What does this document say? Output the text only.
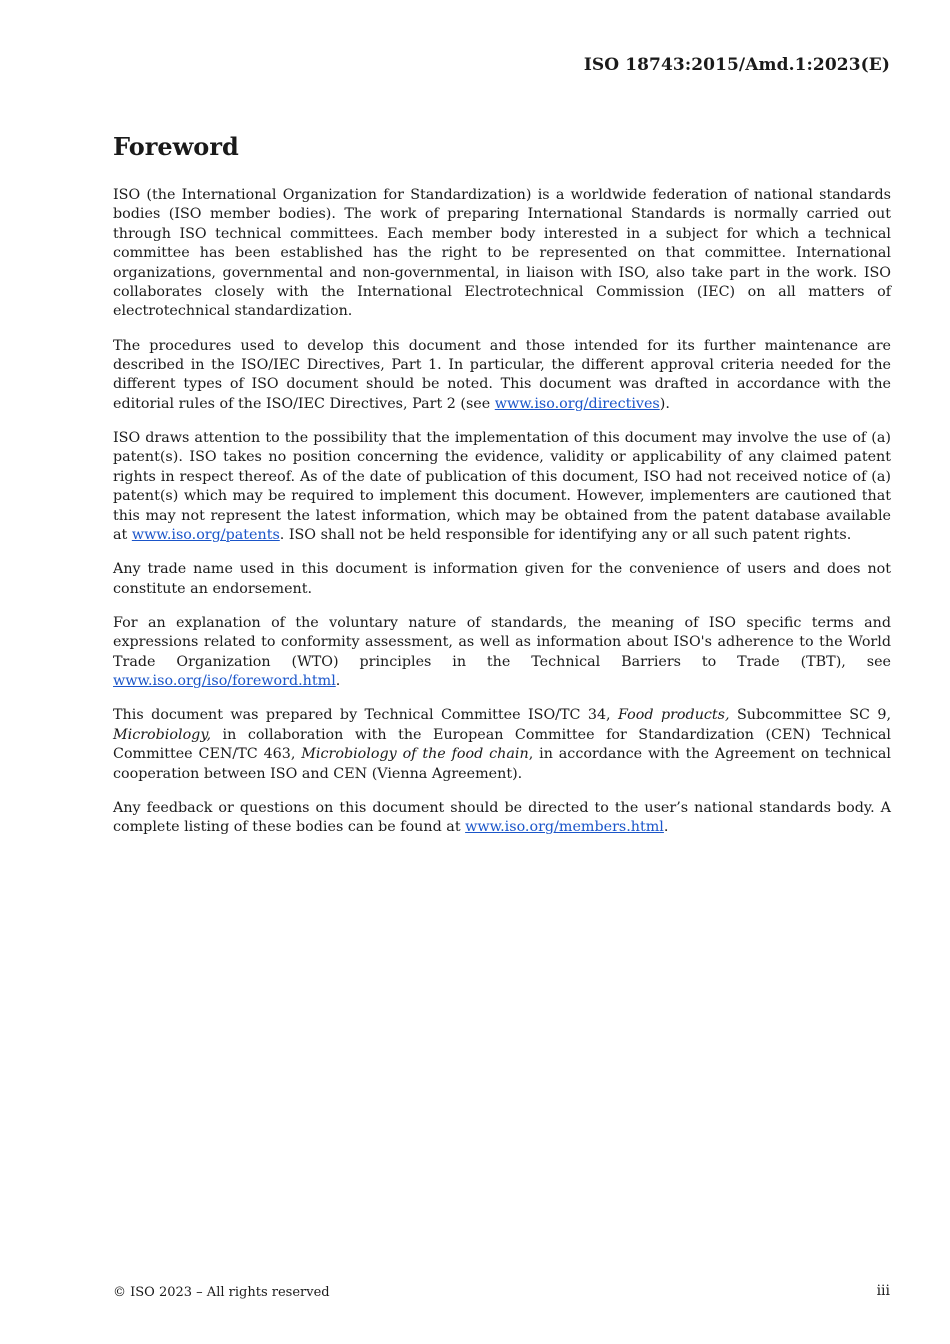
ISO 18743:2015/Amd.1:2023(E)
Foreword

ISO (the International Organization for Standardization) is a worldwide federation of national standards bodies (ISO member bodies). The work of preparing International Standards is normally carried out through ISO technical committees. Each member body interested in a subject for which a technical committee has been established has the right to be represented on that committee. International organizations, governmental and non-governmental, in liaison with ISO, also take part in the work. ISO collaborates closely with the International Electrotechnical Commission (IEC) on all matters of electrotechnical standardization.

The procedures used to develop this document and those intended for its further maintenance are described in the ISO/IEC Directives, Part 1. In particular, the different approval criteria needed for the different types of ISO document should be noted. This document was drafted in accordance with the editorial rules of the ISO/IEC Directives, Part 2 (see www.iso.org/directives).

ISO draws attention to the possibility that the implementation of this document may involve the use of (a) patent(s). ISO takes no position concerning the evidence, validity or applicability of any claimed patent rights in respect thereof. As of the date of publication of this document, ISO had not received notice of (a) patent(s) which may be required to implement this document. However, implementers are cautioned that this may not represent the latest information, which may be obtained from the patent database available at www.iso.org/patents. ISO shall not be held responsible for identifying any or all such patent rights.

Any trade name used in this document is information given for the convenience of users and does not constitute an endorsement.

For an explanation of the voluntary nature of standards, the meaning of ISO specific terms and expressions related to conformity assessment, as well as information about ISO's adherence to the World Trade Organization (WTO) principles in the Technical Barriers to Trade (TBT), see www.iso.org/iso/foreword.html.

This document was prepared by Technical Committee ISO/TC 34, Food products, Subcommittee SC 9, Microbiology, in collaboration with the European Committee for Standardization (CEN) Technical Committee CEN/TC 463, Microbiology of the food chain, in accordance with the Agreement on technical cooperation between ISO and CEN (Vienna Agreement).

Any feedback or questions on this document should be directed to the user’s national standards body. A complete listing of these bodies can be found at www.iso.org/members.html.

© ISO 2023 – All rights reserved	iii
